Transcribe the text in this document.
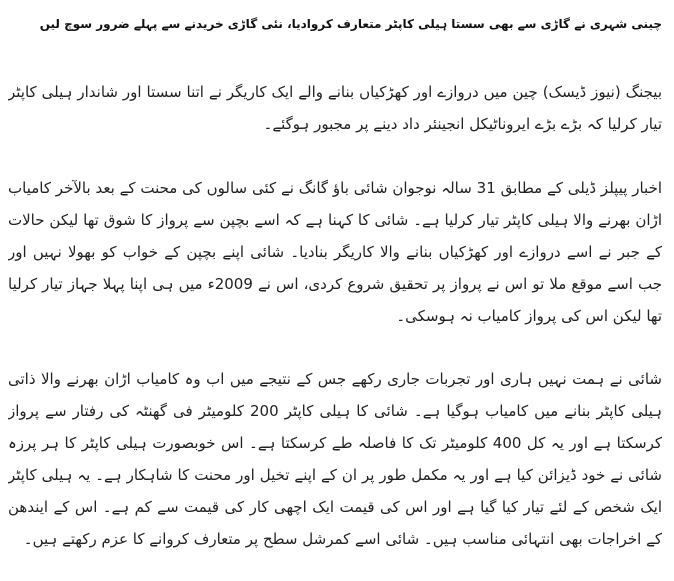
چینی شہری نے گاڑی سے بھی سستا ہیلی کاپٹر متعارف کروادیا، نئی گاڑی خریدنے سے پہلے ضرور سوچ لیں

بیجنگ (نیوز ڈیسک) چین میں دروازے اور کھڑکیاں بنانے والے ایک کاریگر نے اتنا سستا اور شاندار ہیلی کاپٹر تیار کرلیا کہ بڑے بڑے ایروناٹیکل انجینئر داد دینے پر مجبور ہوگئے۔

اخبار پیپلز ڈیلی کے مطابق 31 سالہ نوجوان شائی باؤ گانگ نے کئی سالوں کی محنت کے بعد بالآخر کامیاب اڑان بھرنے والا ہیلی کاپٹر تیار کرلیا ہے۔ شائی کا کہنا ہے کہ اسے بچپن سے پرواز کا شوق تھا لیکن حالات کے جبر نے اسے دروازے اور کھڑکیاں بنانے والا کاریگر بنادیا۔ شائی اپنے بچپن کے خواب کو بھولا نہیں اور جب اسے موقع ملا تو اس نے پرواز پر تحقیق شروع کردی، اس نے 2009ء میں ہی اپنا پہلا جہاز تیار کرلیا تھا لیکن اس کی پرواز کامیاب نہ ہوسکی۔

شائی نے ہمت نہیں ہاری اور تجربات جاری رکھے جس کے نتیجے میں اب وہ کامیاب اڑان بھرنے والا ذاتی ہیلی کاپٹر بنانے میں کامیاب ہوگیا ہے۔ شائی کا ہیلی کاپٹر 200 کلومیٹر فی گھنٹہ کی رفتار سے پرواز کرسکتا ہے اور یہ کل 400 کلومیٹر تک کا فاصلہ طے کرسکتا ہے۔ اس خوبصورت ہیلی کاپٹر کا ہر پرزہ شائی نے خود ڈیزائن کیا ہے اور یہ مکمل طور پر ان کے اپنے تخیل اور محنت کا شاہکار ہے۔ یہ ہیلی کاپٹر ایک شخص کے لئے تیار کیا گیا ہے اور اس کی قیمت ایک اچھی کار کی قیمت سے کم ہے۔ اس کے ایندھن کے اخراجات بھی انتہائی مناسب ہیں۔ شائی اسے کمرشل سطح پر متعارف کروانے کا عزم رکھتے ہیں۔
